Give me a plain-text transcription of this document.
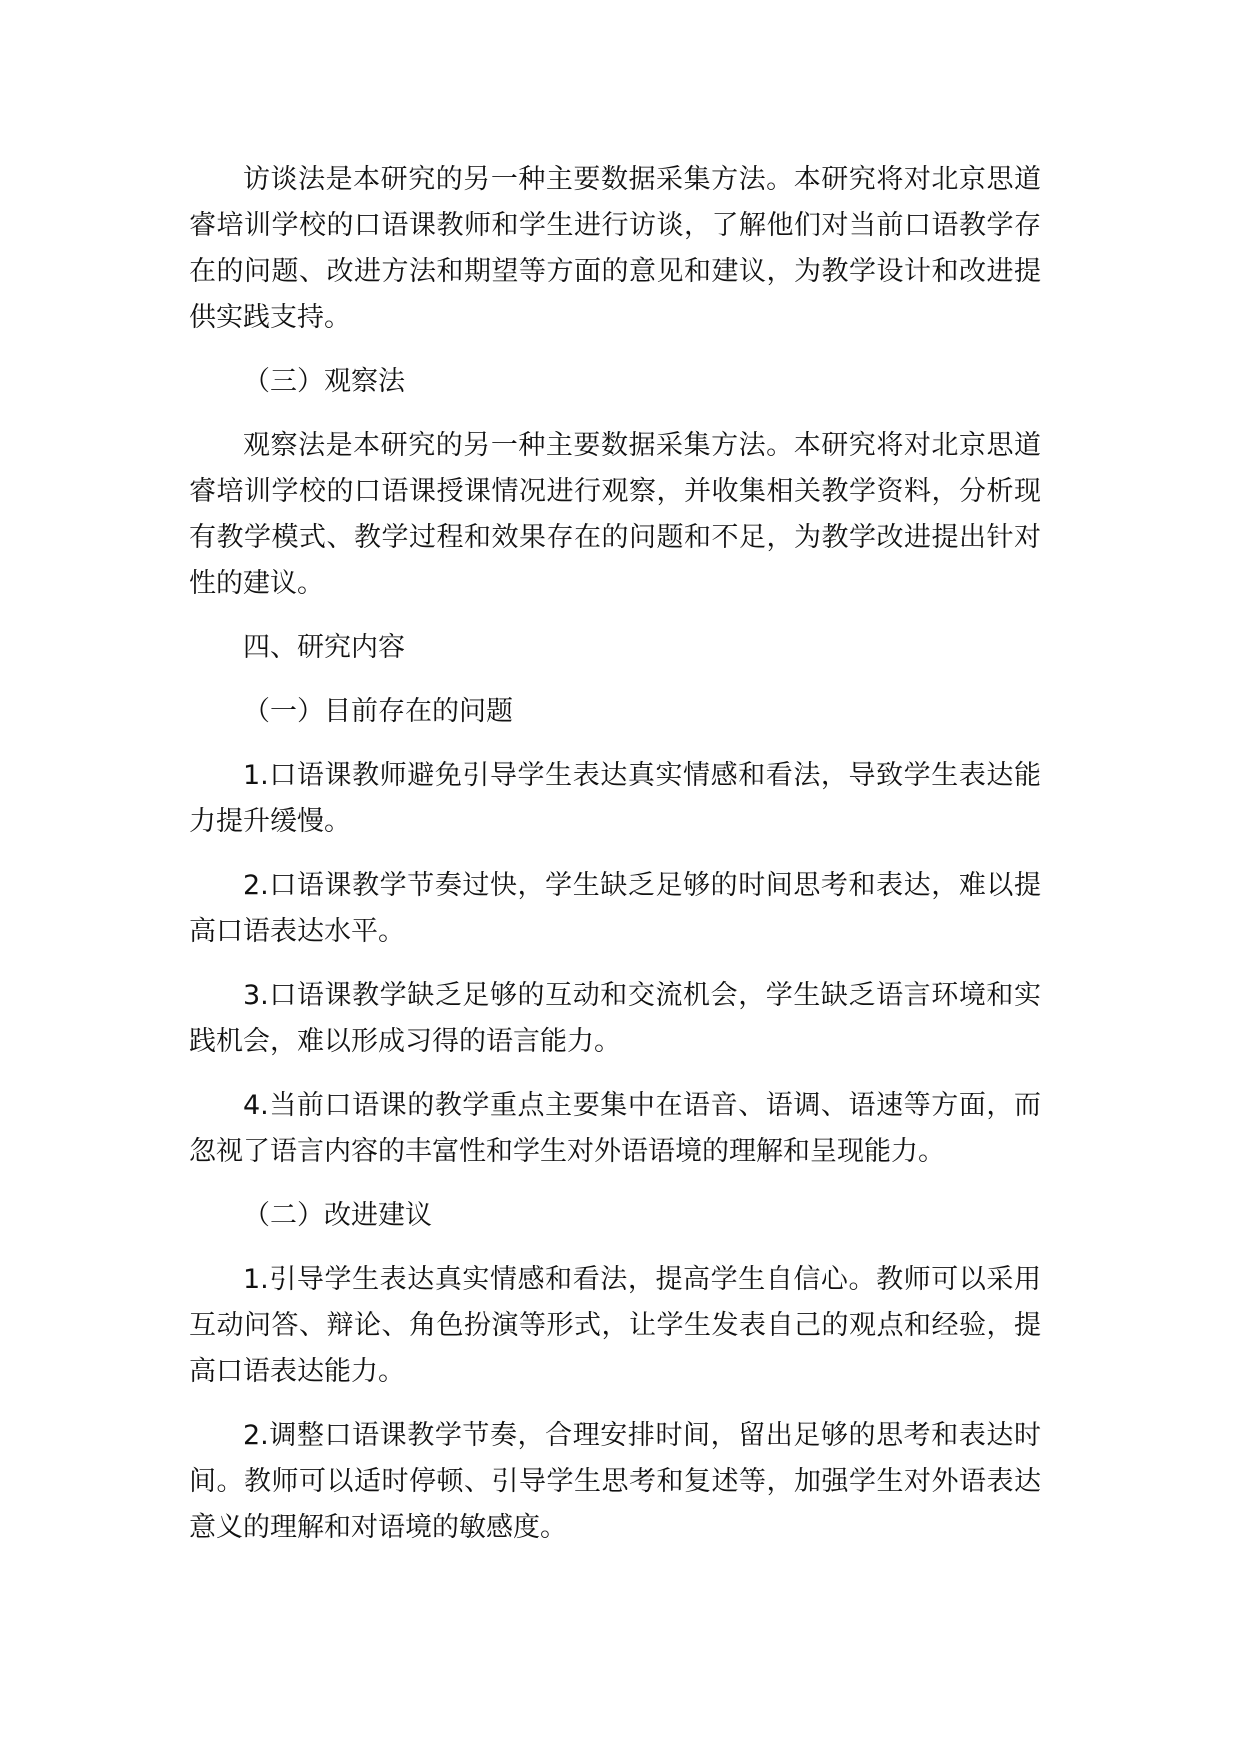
访谈法是本研究的另一种主要数据采集方法。本研究将对北京思道睿培训学校的口语课教师和学生进行访谈，了解他们对当前口语教学存在的问题、改进方法和期望等方面的意见和建议，为教学设计和改进提供实践支持。

（三）观察法

观察法是本研究的另一种主要数据采集方法。本研究将对北京思道睿培训学校的口语课授课情况进行观察，并收集相关教学资料，分析现有教学模式、教学过程和效果存在的问题和不足，为教学改进提出针对性的建议。

四、研究内容

（一）目前存在的问题

1.口语课教师避免引导学生表达真实情感和看法，导致学生表达能力提升缓慢。

2.口语课教学节奏过快，学生缺乏足够的时间思考和表达，难以提高口语表达水平。

3.口语课教学缺乏足够的互动和交流机会，学生缺乏语言环境和实践机会，难以形成习得的语言能力。

4.当前口语课的教学重点主要集中在语音、语调、语速等方面，而忽视了语言内容的丰富性和学生对外语语境的理解和呈现能力。

（二）改进建议

1.引导学生表达真实情感和看法，提高学生自信心。教师可以采用互动问答、辩论、角色扮演等形式，让学生发表自己的观点和经验，提高口语表达能力。

2.调整口语课教学节奏，合理安排时间，留出足够的思考和表达时间。教师可以适时停顿、引导学生思考和复述等，加强学生对外语表达意义的理解和对语境的敏感度。
